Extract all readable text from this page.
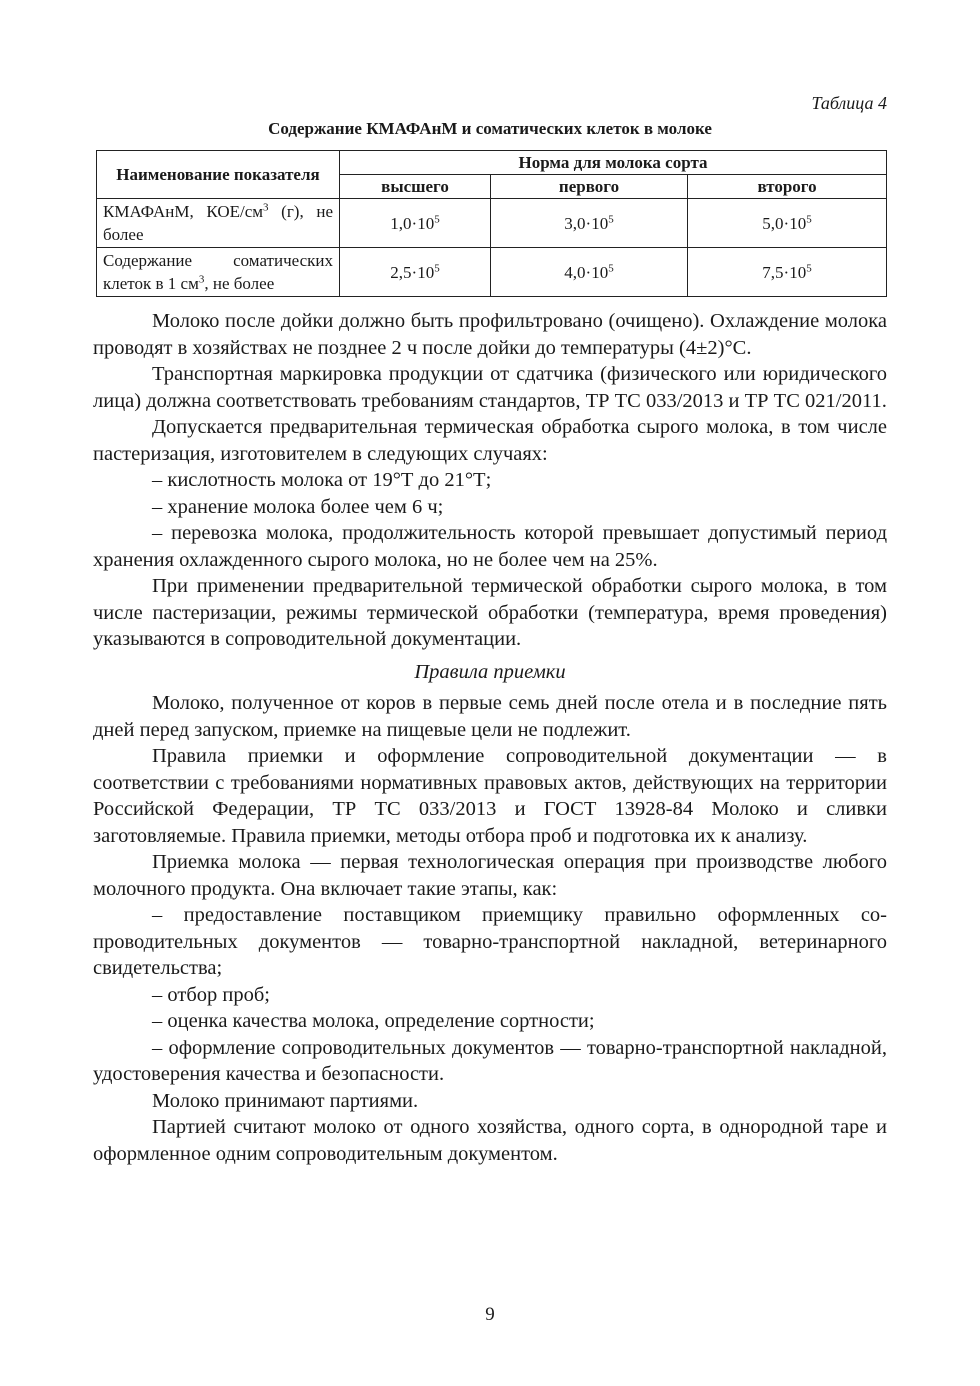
Таблица 4
Содержание КМАФАнМ и соматических клеток в молоке
Наименование показателя	Норма для молока сорта		
	высшего	первого	второго
КМАФАнМ, КОЕ/$см^3$ (г), не более	$1,0\cdot 10^5$	$3,0\cdot 10^5$	$5,0\cdot 10^5$
Содержание соматических клеток в 1 $см^3$, не более	$2,5\cdot 10^5$	$4,0\cdot 10^5$	$7,5\cdot 10^5$

Молоко после дойки должно быть профильтровано (очищено). Охлаждение молока проводят в хозяйствах не позднее 2 ч после дойки до температуры (4±2)°С.

Транспортная маркировка продукции от сдатчика (физического или юридического лица) должна соответствовать требованиям стандартов, ТР ТС 033/2013 и ТР ТС 021/2011.

Допускается предварительная термическая обработка сырого молока, в том числе пастеризация, изготовителем в следующих случаях:

– кислотность молока от 19°Т до 21°Т;

– хранение молока более чем 6 ч;

– перевозка молока, продолжительность которой превышает допустимый период хранения охлажденного сырого молока, но не более чем на 25%.

При применении предварительной термической обработки сырого молока, в том числе пастеризации, режимы термической обработки (температура, время проведения) указываются в сопроводительной документации.

Правила приемки

Молоко, полученное от коров в первые семь дней после отела и в последние пять дней перед запуском, приемке на пищевые цели не подлежит.

Правила приемки и оформление сопроводительной документации — в соответствии с требованиями нормативных правовых актов, действующих на территории Российской Федерации, ТР ТС 033/2013 и ГОСТ 13928-84 Молоко и сливки заготовляемые. Правила приемки, методы отбора проб и подготовка их к анализу.

Приемка молока — первая технологическая операция при производстве любого молочного продукта. Она включает такие этапы, как:

– предоставление поставщиком приемщику правильно оформленных сопроводительных документов — товарно-транспортной накладной, ветеринарного свидетельства;

– отбор проб;

– оценка качества молока, определение сортности;

– оформление сопроводительных документов — товарно-транспортной накладной, удостоверения качества и безопасности.

Молоко принимают партиями.

Партией считают молоко от одного хозяйства, одного сорта, в однородной таре и оформленное одним сопроводительным документом.

9
